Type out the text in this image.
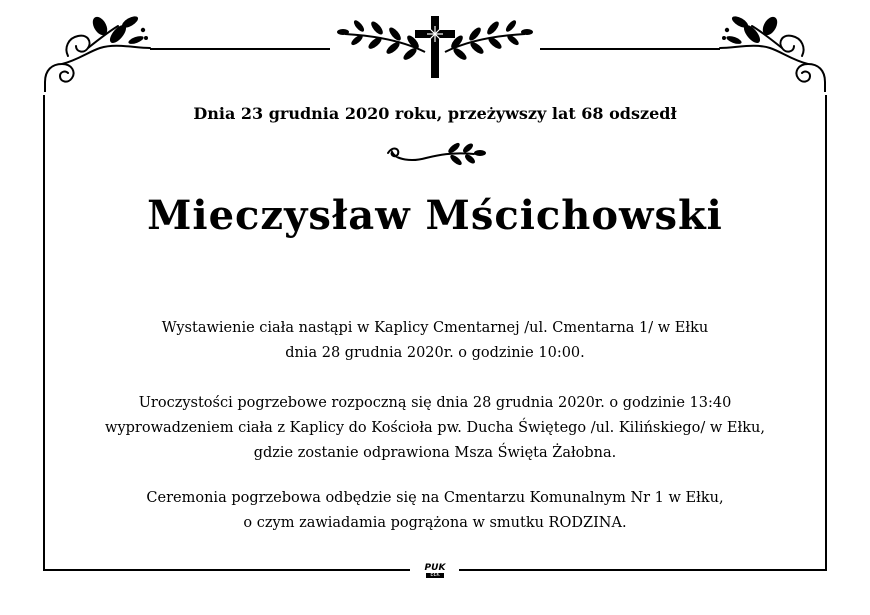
Dnia 23 grudnia 2020 roku, przeżywszy lat 68 odszedł
Mieczysław Mścichowski
Wystawienie ciała nastąpi w Kaplicy Cmentarnej /ul. Cmentarna 1/ w Ełku
dnia 28 grudnia 2020r. o godzinie 10:00.
Uroczystości pogrzebowe rozpoczną się dnia 28 grudnia 2020r. o godzinie 13:40
wyprowadzeniem ciała z Kaplicy do Kościoła pw. Ducha Świętego /ul. Kilińskiego/ w Ełku,
gdzie zostanie odprawiona Msza Święta Żałobna.
Ceremonia pogrzebowa odbędzie się na Cmentarzu Komunalnym Nr 1 w Ełku,
o czym zawiadamia pogrążona w smutku RODZINA.
PUK
EŁK
